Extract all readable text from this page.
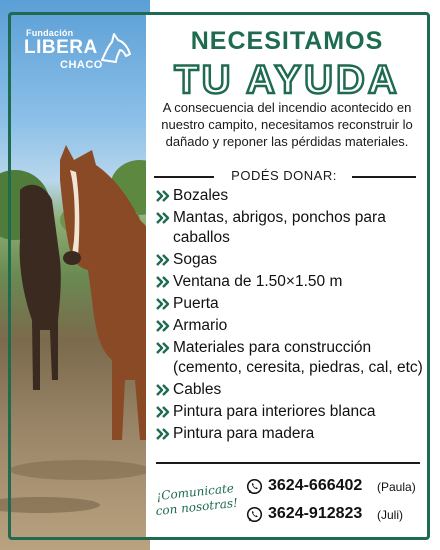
Fundación
LIBERA
CHACO
NECESITAMOS
TU AYUDA

A consecuencia del incendio acontecido en nuestro campito, necesitamos reconstruir lo dañado y reponer las pérdidas materiales.

PODÉS DONAR:
Bozales
Mantas, abrigos, ponchos para caballos
Sogas
Ventana de 1.50×1.50 m
Puerta
Armario
Materiales para construcción (cemento, ceresita, piedras, cal, etc)
Cables
Pintura para interiores blanca
Pintura para madera
¡Comunicate con nosotras!
3624-666402 (Paula)
3624-912823 (Juli)
